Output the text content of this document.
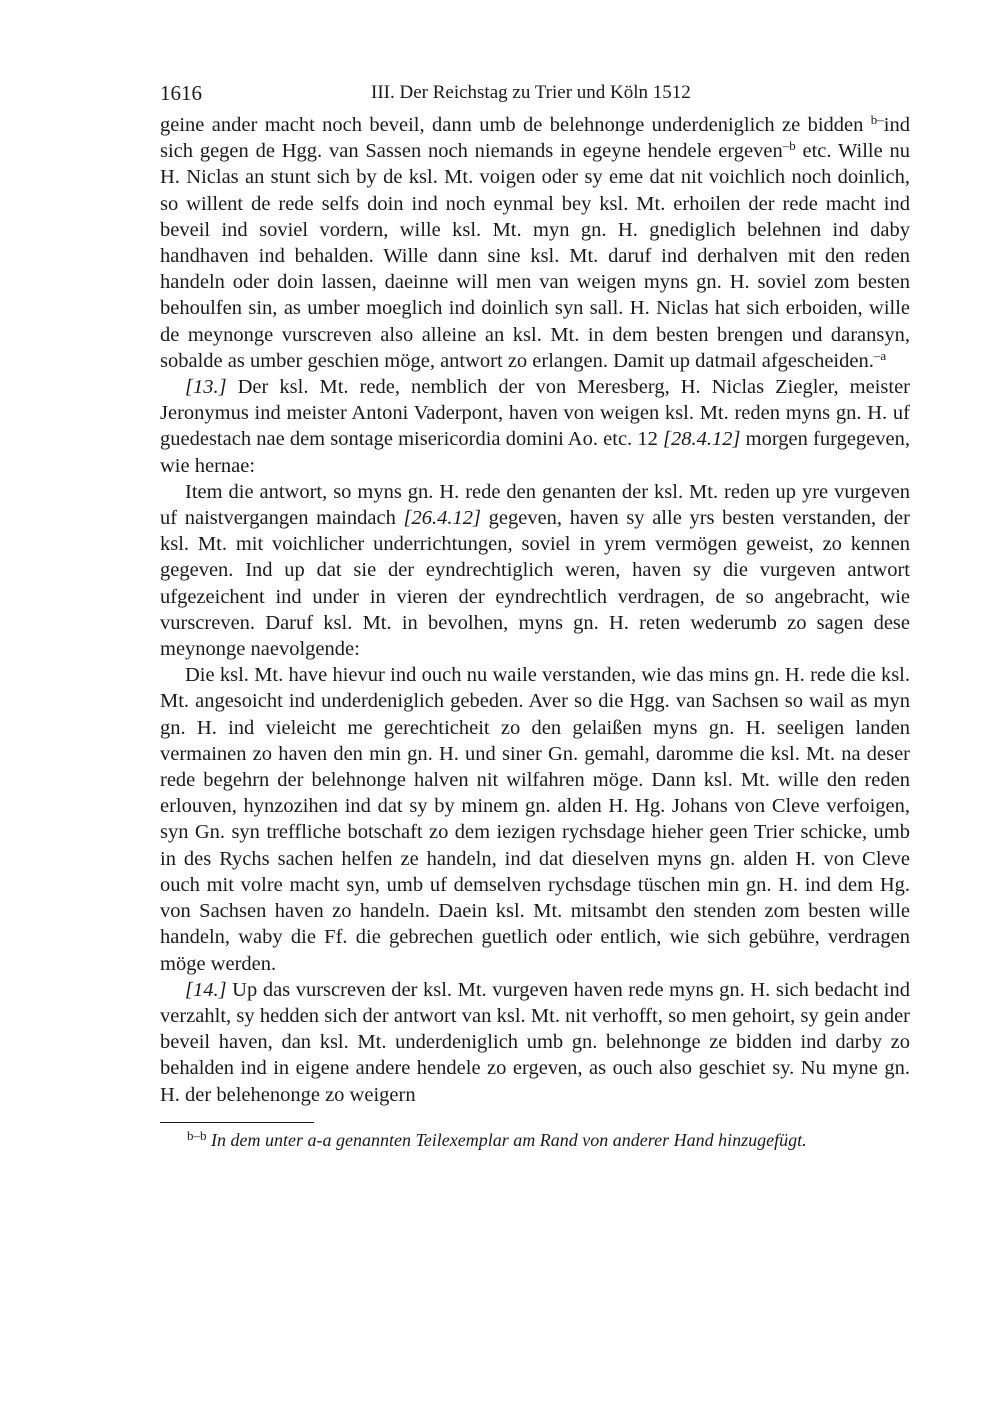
1616	III. Der Reichstag zu Trier und Köln 1512

geine ander macht noch beveil, dann umb de belehnonge underdeniglich ze bidden $^{b-}$ind sich gegen de Hgg. van Sassen noch niemands in egeyne hendele ergeven$^{-b}$ etc. Wille nu H. Niclas an stunt sich by de ksl. Mt. voigen oder sy eme dat nit voichlich noch doinlich, so willent de rede selfs doin ind noch eynmal bey ksl. Mt. erhoilen der rede macht ind beveil ind soviel vordern, wille ksl. Mt. myn gn. H. gnediglich belehnen ind daby handhaven ind behalden. Wille dann sine ksl. Mt. daruf ind derhalven mit den reden handeln oder doin lassen, daeinne will men van weigen myns gn. H. soviel zom besten behoulfen sin, as umber moeglich ind doinlich syn sall. H. Niclas hat sich erboiden, wille de meynonge vurscreven also alleine an ksl. Mt. in dem besten brengen und daransyn, sobalde as umber geschien möge, antwort zo erlangen. Damit up datmail afgescheiden.$^{-a}$

[13.] Der ksl. Mt. rede, nemblich der von Meresberg, H. Niclas Ziegler, meister Jeronymus ind meister Antoni Vaderpont, haven von weigen ksl. Mt. reden myns gn. H. uf guedestach nae dem sontage misericordia domini Ao. etc. 12 [28.4.12] morgen furgegeven, wie hernae:

Item die antwort, so myns gn. H. rede den genanten der ksl. Mt. reden up yre vurgeven uf naistvergangen maindach [26.4.12] gegeven, haven sy alle yrs besten verstanden, der ksl. Mt. mit voichlicher underrichtungen, soviel in yrem vermögen geweist, zo kennen gegeven. Ind up dat sie der eyndrechtiglich weren, haven sy die vurgeven antwort ufgezeichent ind under in vieren der eyndrechtlich verdragen, de so angebracht, wie vurscreven. Daruf ksl. Mt. in bevolhen, myns gn. H. reten wederumb zo sagen dese meynonge naevolgende:

Die ksl. Mt. have hievur ind ouch nu waile verstanden, wie das mins gn. H. rede die ksl. Mt. angesoicht ind underdeniglich gebeden. Aver so die Hgg. van Sachsen so wail as myn gn. H. ind vieleicht me gerechticheit zo den gelaißen myns gn. H. seeligen landen vermainen zo haven den min gn. H. und siner Gn. gemahl, daromme die ksl. Mt. na deser rede begehrn der belehnonge halven nit wilfahren möge. Dann ksl. Mt. wille den reden erlouven, hynzozihen ind dat sy by minem gn. alden H. Hg. Johans von Cleve verfoigen, syn Gn. syn treffliche botschaft zo dem iezigen rychsdage hieher geen Trier schicke, umb in des Rychs sachen helfen ze handeln, ind dat dieselven myns gn. alden H. von Cleve ouch mit volre macht syn, umb uf demselven rychsdage tüschen min gn. H. ind dem Hg. von Sachsen haven zo handeln. Daein ksl. Mt. mitsambt den stenden zom besten wille handeln, waby die Ff. die gebrechen guetlich oder entlich, wie sich gebühre, verdragen möge werden.

[14.] Up das vurscreven der ksl. Mt. vurgeven haven rede myns gn. H. sich bedacht ind verzahlt, sy hedden sich der antwort van ksl. Mt. nit verhofft, so men gehoirt, sy gein ander beveil haven, dan ksl. Mt. underdeniglich umb gn. belehnonge ze bidden ind darby zo behalden ind in eigene andere hendele zo ergeven, as ouch also geschiet sy. Nu myne gn. H. der belehenonge zo weigern

$^{b-b}$ In dem unter a-a genannten Teilexemplar am Rand von anderer Hand hinzugefügt.
